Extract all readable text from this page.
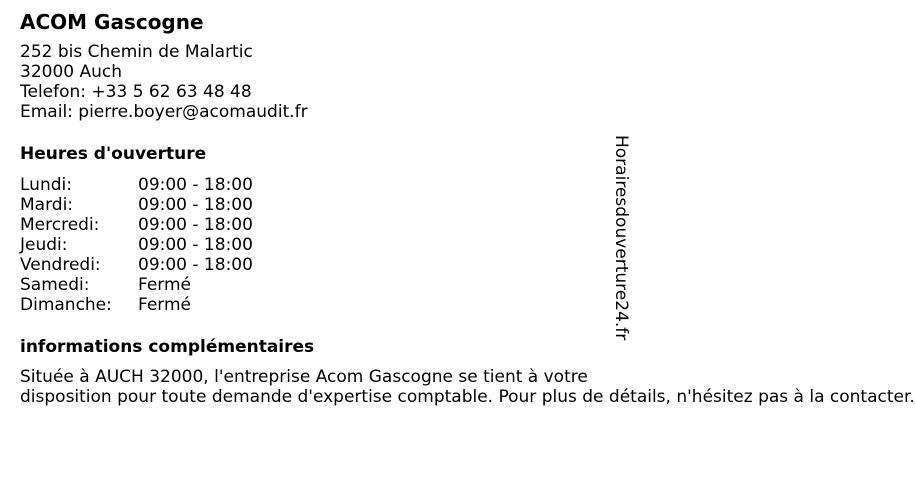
ACOM Gascogne
252 bis Chemin de Malartic
32000 Auch
Telefon: +33 5 62 63 48 48
Email: pierre.boyer@acomaudit.fr
Heures d'ouverture
Lundi:	09:00 - 18:00
Mardi:	09:00 - 18:00
Mercredi: 09:00 - 18:00
Jeudi:	09:00 - 18:00
Vendredi: 09:00 - 18:00
Samedi:	Fermé
Dimanche: Fermé
informations complémentaires
Située à AUCH 32000, l'entreprise Acom Gascogne se tient à votre
disposition pour toute demande d'expertise comptable. Pour plus de détails, n'hésitez pas à la contacter.
Horairesdouverture24.fr
